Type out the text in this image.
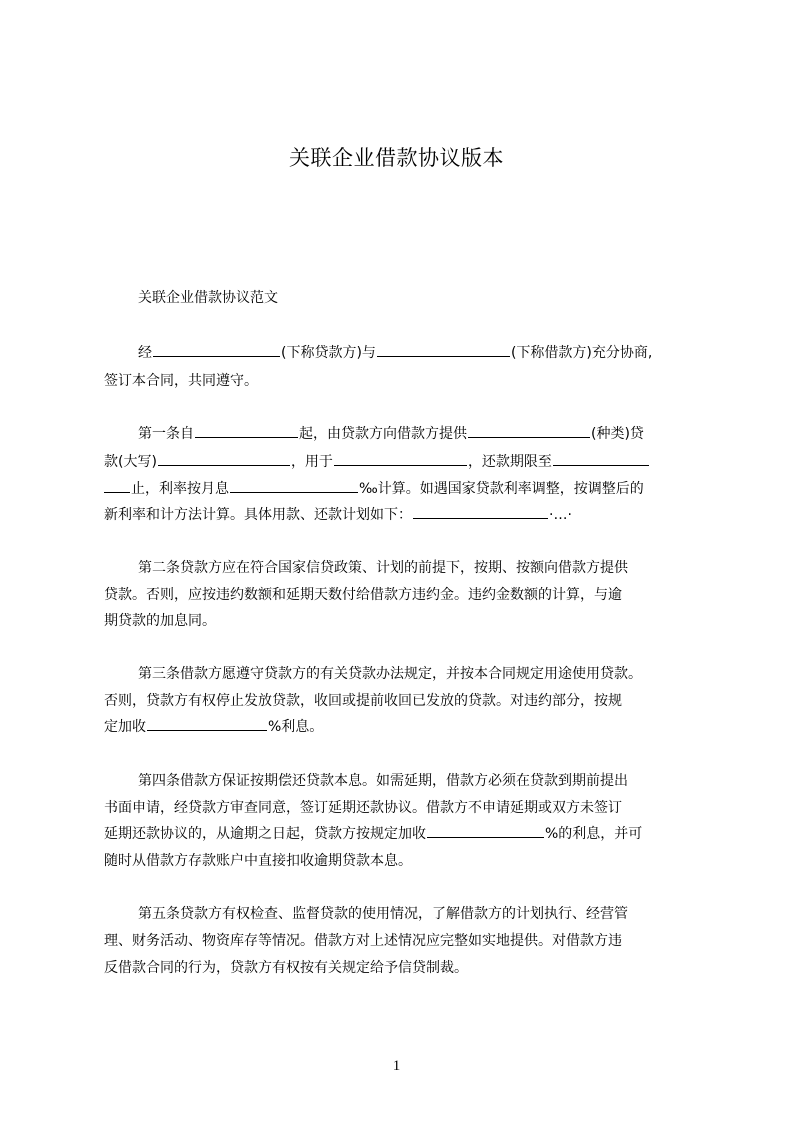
关联企业借款协议版本
关联企业借款协议范文
经	(下称贷款方)与	(下称借款方)充分协商,
签订本合同，共同遵守。
第一条自	起，由贷款方向借款方提供	(种类)贷
款(大写)	，用于	，还款期限至
止，利率按月息	‰计算。如遇国家贷款利率调整，按调整后的
新利率和计方法计算。具体用款、还款计划如下：	·…·
第二条贷款方应在符合国家信贷政策、计划的前提下，按期、按额向借款方提供
贷款。否则，应按违约数额和延期天数付给借款方违约金。违约金数额的计算，与逾
期贷款的加息同。
第三条借款方愿遵守贷款方的有关贷款办法规定，并按本合同规定用途使用贷款。
否则，贷款方有权停止发放贷款，收回或提前收回已发放的贷款。对违约部分，按规
定加收	%利息。
第四条借款方保证按期偿还贷款本息。如需延期，借款方必须在贷款到期前提出
书面申请，经贷款方审查同意，签订延期还款协议。借款方不申请延期或双方未签订
延期还款协议的，从逾期之日起，贷款方按规定加收	%的利息，并可
随时从借款方存款账户中直接扣收逾期贷款本息。
第五条贷款方有权检查、监督贷款的使用情况，了解借款方的计划执行、经营管
理、财务活动、物资库存等情况。借款方对上述情况应完整如实地提供。对借款方违
反借款合同的行为，贷款方有权按有关规定给予信贷制裁。
1
